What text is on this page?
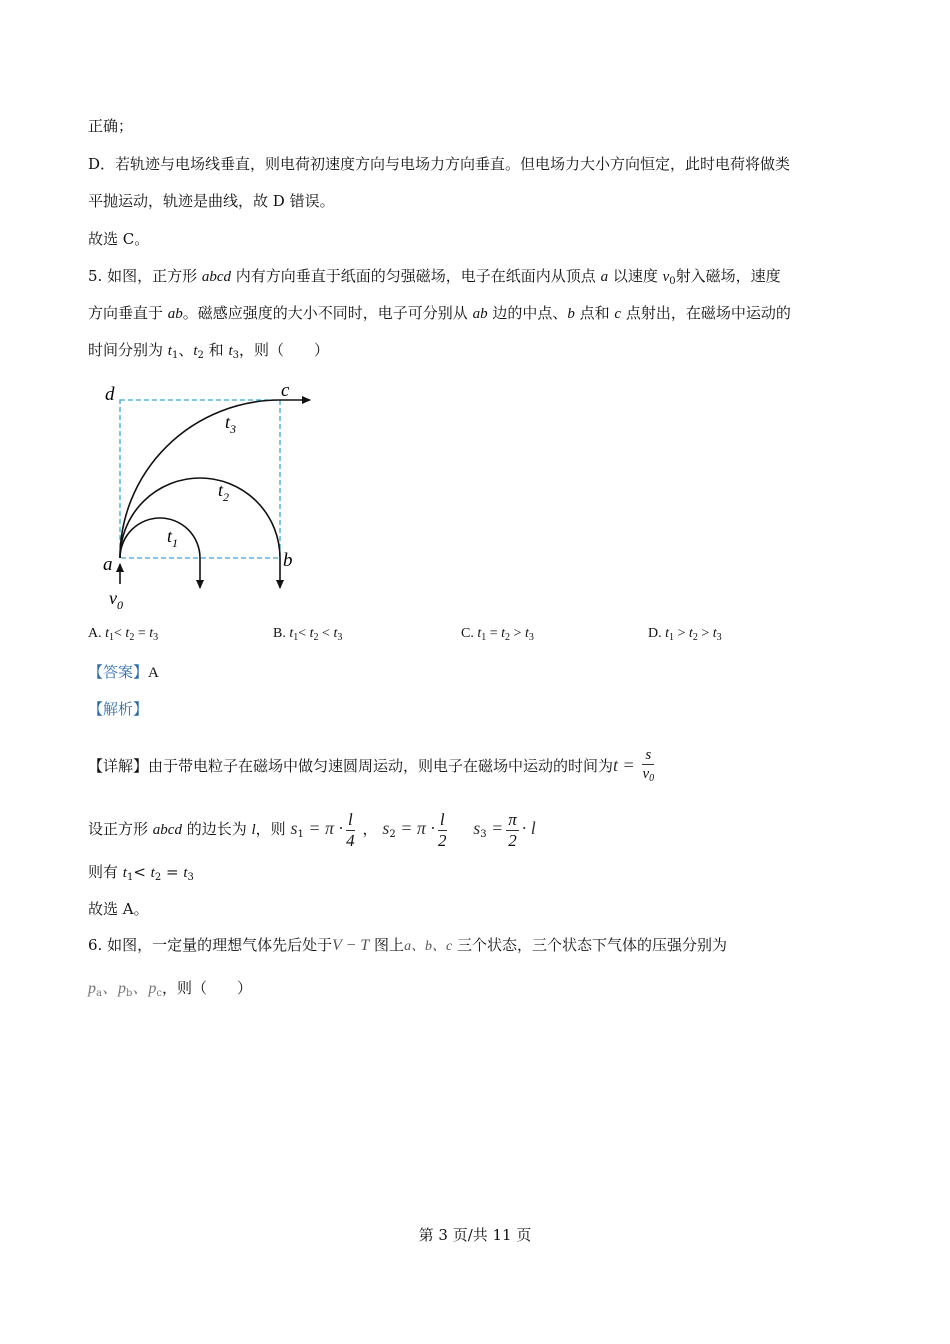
正确；
D．若轨迹与电场线垂直，则电荷初速度方向与电场力方向垂直。但电场力大小方向恒定，此时电荷将做类
平抛运动，轨迹是曲线，故 D 错误。
故选 C。
5. 如图，正方形 abcd 内有方向垂直于纸面的匀强磁场，电子在纸面内从顶点 a 以速度 $v_0$射入磁场，速度
方向垂直于 ab。磁感应强度的大小不同时，电子可分别从 ab 边的中点、b 点和 c 点射出，在磁场中运动的
时间分别为 $t_1$、$t_2$ 和 $t_3$，则（　　）
d	c
a	b
$t_3$
$t_2$
$t_1$
$v_0$
A. $t_1< t_2 = t_3$	B. $t_1< t_2 < t_3$	C. $t_1 = t_2 > t_3$	D. $t_1 > t_2 > t_3$
【答案】A
【解析】
【详解】由于带电粒子在磁场中做匀速圆周运动，则电子在磁场中运动的时间为$t = \frac{s}{v_0}$
设正方形 abcd 的边长为 l，则 $s_1 = \pi \cdot \frac{l}{4}$ ， $s_2 = \pi \cdot \frac{l}{2} s_3 = \frac{\pi}{2} \cdot l$
则有 $t_1< t_2 = t_3$
故选 A。
6. 如图，一定量的理想气体先后处于V − T 图上a、b、c 三个状态，三个状态下气体的压强分别为
$p_a$、$p_b$、$p_c$，则（　　）
第 3 页/共 11 页
